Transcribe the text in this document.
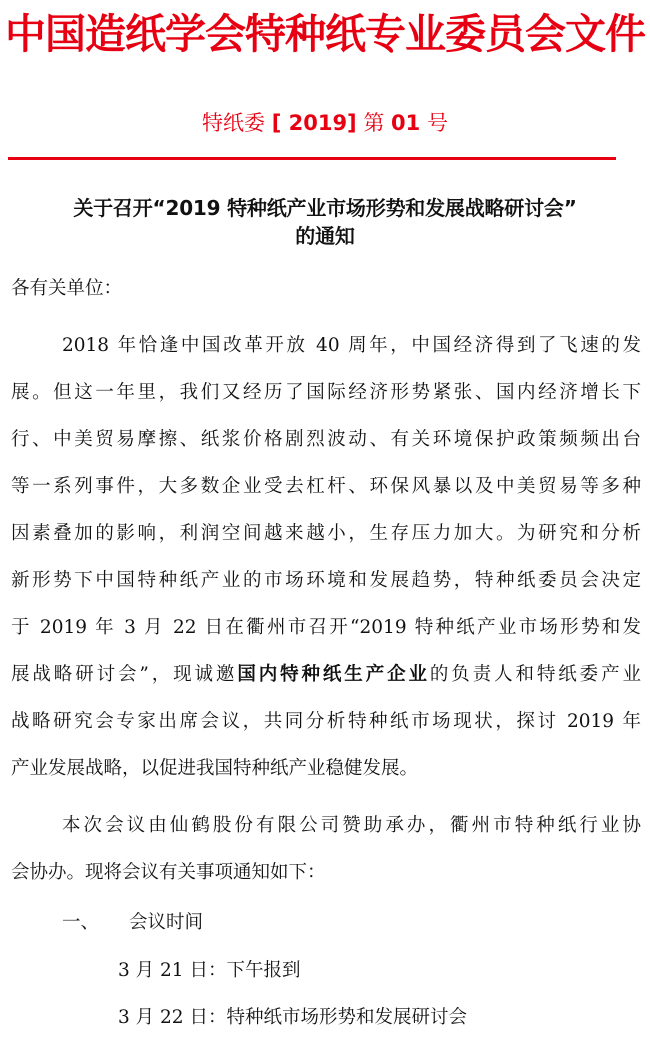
中国造纸学会特种纸专业委员会文件
特纸委 [ 2019] 第 01 号
关于召开“2019 特种纸产业市场形势和发展战略研讨会”
的通知
各有关单位：
2018 年恰逢中国改革开放 40 周年，中国经济得到了飞速的发
展。但这一年里，我们又经历了国际经济形势紧张、国内经济增长下
行、中美贸易摩擦、纸浆价格剧烈波动、有关环境保护政策频频出台
等一系列事件，大多数企业受去杠杆、环保风暴以及中美贸易等多种
因素叠加的影响，利润空间越来越小，生存压力加大。为研究和分析
新形势下中国特种纸产业的市场环境和发展趋势，特种纸委员会决定
于 2019 年 3 月 22 日在衢州市召开“2019 特种纸产业市场形势和发
展战略研讨会”，现诚邀国内特种纸生产企业的负责人和特纸委产业
战略研究会专家出席会议，共同分析特种纸市场现状，探讨 2019 年
产业发展战略，以促进我国特种纸产业稳健发展。
本次会议由仙鹤股份有限公司赞助承办，衢州市特种纸行业协
会协办。现将会议有关事项通知如下：
一、 会议时间
3 月 21 日：下午报到
3 月 22 日：特种纸市场形势和发展研讨会
